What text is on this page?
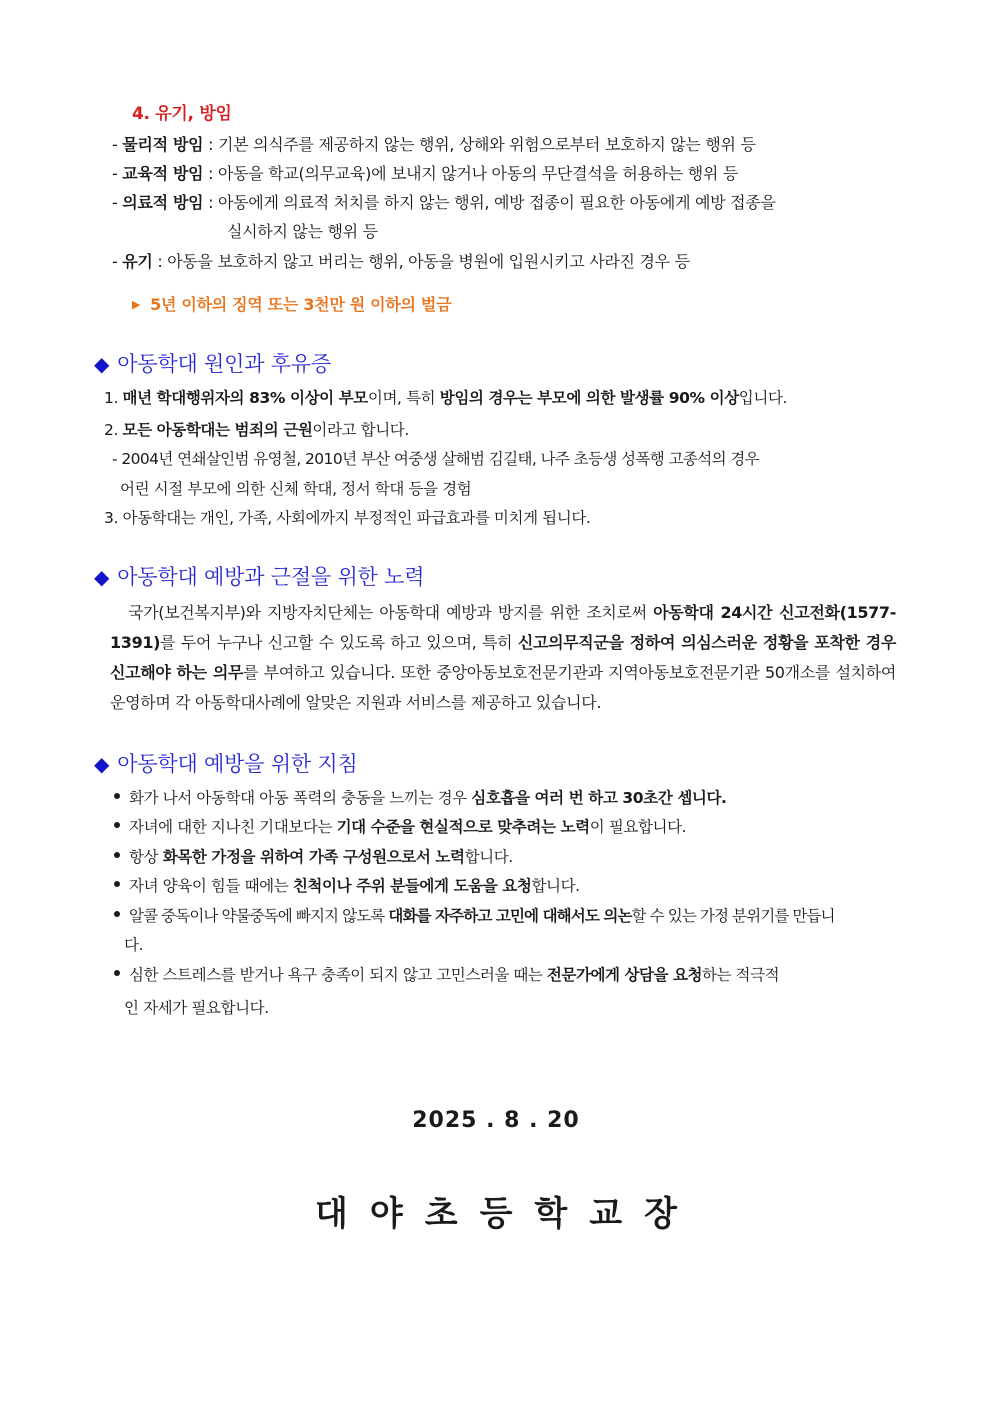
4. 유기, 방임
- 물리적 방임 : 기본 의식주를 제공하지 않는 행위, 상해와 위험으로부터 보호하지 않는 행위 등
- 교육적 방임 : 아동을 학교(의무교육)에 보내지 않거나 아동의 무단결석을 허용하는 행위 등
- 의료적 방임 : 아동에게 의료적 처치를 하지 않는 행위, 예방 접종이 필요한 아동에게 예방 접종을
실시하지 않는 행위 등
- 유기 : 아동을 보호하지 않고 버리는 행위, 아동을 병원에 입원시키고 사라진 경우 등
▶ 5년 이하의 징역 또는 3천만 원 이하의 벌금
◆ 아동학대 원인과 후유증
1. 매년 학대행위자의 83% 이상이 부모이며, 특히 방임의 경우는 부모에 의한 발생률 90% 이상입니다.
2. 모든 아동학대는 범죄의 근원이라고 합니다.
- 2004년 연쇄살인범 유영철, 2010년 부산 여중생 살해범 김길태, 나주 초등생 성폭행 고종석의 경우
어린 시절 부모에 의한 신체 학대, 정서 학대 등을 경험
3. 아동학대는 개인, 가족, 사회에까지 부정적인 파급효과를 미치게 됩니다.
◆ 아동학대 예방과 근절을 위한 노력
국가(보건복지부)와 지방자치단체는 아동학대 예방과 방지를 위한 조치로써 아동학대 24시간 신고전화(1577-1391)를 두어 누구나 신고할 수 있도록 하고 있으며, 특히 신고의무직군을 정하여 의심스러운 정황을 포착한 경우 신고해야 하는 의무를 부여하고 있습니다. 또한 중앙아동보호전문기관과 지역아동보호전문기관 50개소를 설치하여 운영하며 각 아동학대사례에 알맞은 지원과 서비스를 제공하고 있습니다.
◆ 아동학대 예방을 위한 지침
화가 나서 아동학대 아동 폭력의 충동을 느끼는 경우 심호흡을 여러 번 하고 30초간 셉니다.
자녀에 대한 지나친 기대보다는 기대 수준을 현실적으로 맞추려는 노력이 필요합니다.
항상 화목한 가정을 위하여 가족 구성원으로서 노력합니다.
자녀 양육이 힘들 때에는 친척이나 주위 분들에게 도움을 요청합니다.
알콜 중독이나 약물중독에 빠지지 않도록 대화를 자주하고 고민에 대해서도 의논할 수 있는 가정 분위기를 만듭니
다.
심한 스트레스를 받거나 욕구 충족이 되지 않고 고민스러울 때는 전문가에게 상담을 요청하는 적극적
인 자세가 필요합니다.
2025 . 8 . 20
대야초등학교장
